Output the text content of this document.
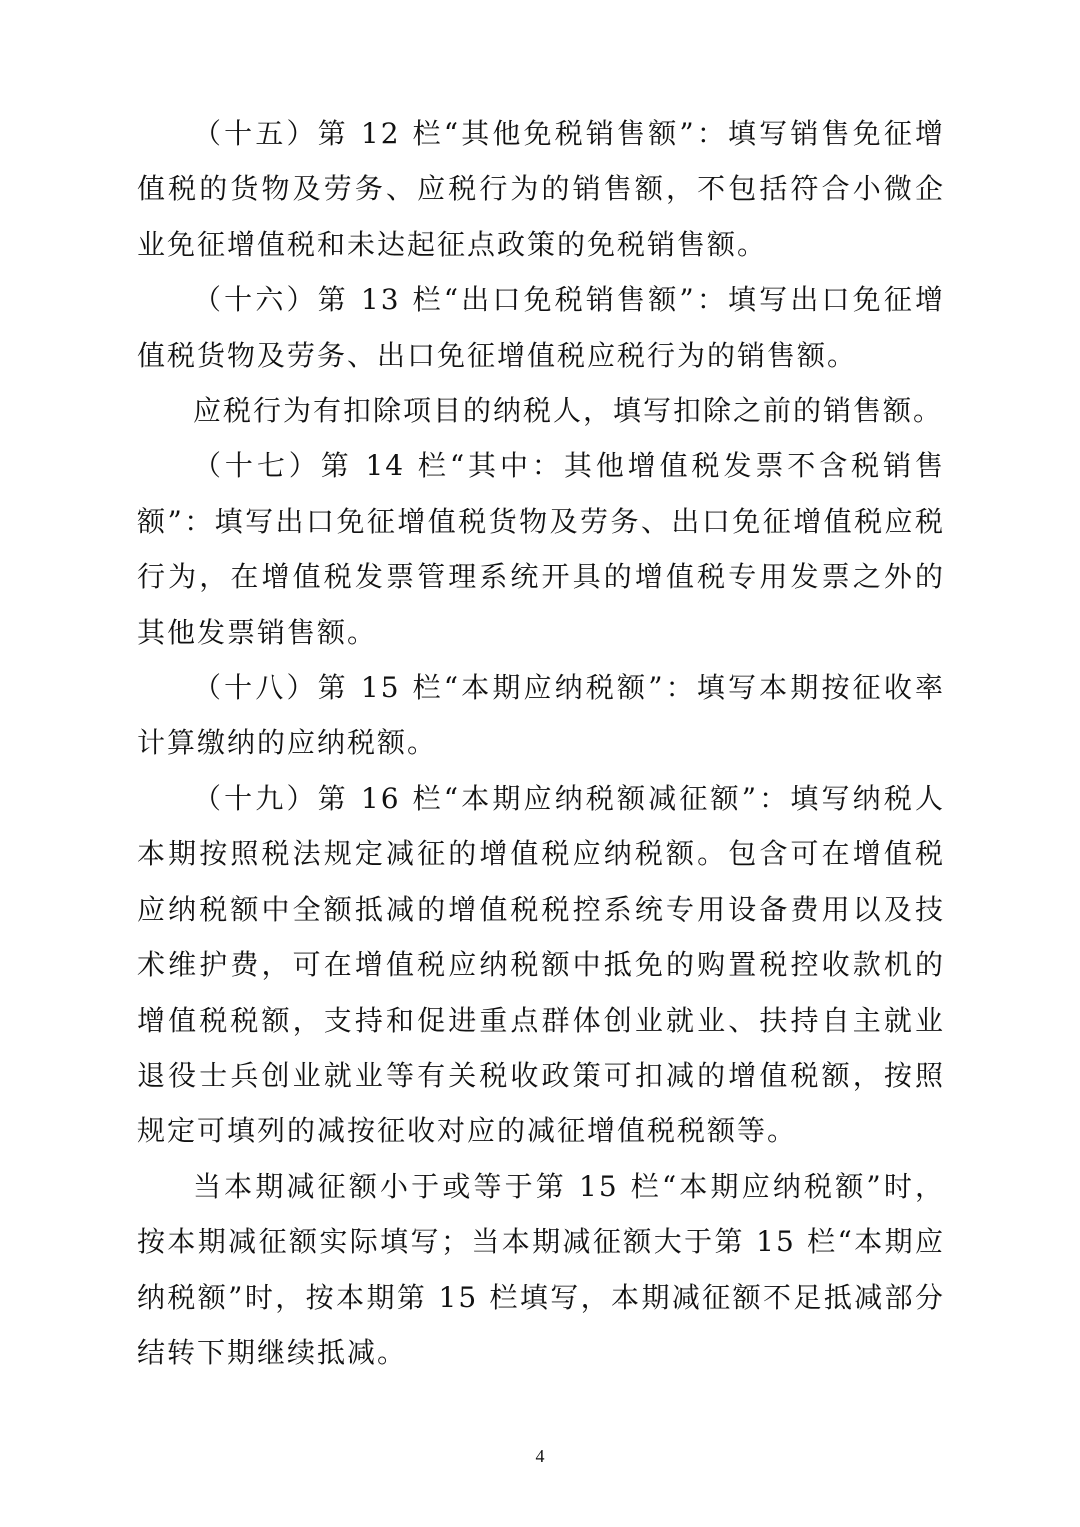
（十五）第 12 栏“其他免税销售额”：填写销售免征增值税的货物及劳务、应税行为的销售额，不包括符合小微企业免征增值税和未达起征点政策的免税销售额。

（十六）第 13 栏“出口免税销售额”：填写出口免征增值税货物及劳务、出口免征增值税应税行为的销售额。

应税行为有扣除项目的纳税人，填写扣除之前的销售额。

（十七）第 14 栏“其中：其他增值税发票不含税销售额”：填写出口免征增值税货物及劳务、出口免征增值税应税行为，在增值税发票管理系统开具的增值税专用发票之外的其他发票销售额。

（十八）第 15 栏“本期应纳税额”：填写本期按征收率计算缴纳的应纳税额。

（十九）第 16 栏“本期应纳税额减征额”：填写纳税人本期按照税法规定减征的增值税应纳税额。包含可在增值税应纳税额中全额抵减的增值税税控系统专用设备费用以及技术维护费，可在增值税应纳税额中抵免的购置税控收款机的增值税税额，支持和促进重点群体创业就业、扶持自主就业退役士兵创业就业等有关税收政策可扣减的增值税额，按照规定可填列的减按征收对应的减征增值税税额等。

当本期减征额小于或等于第 15 栏“本期应纳税额”时，按本期减征额实际填写；当本期减征额大于第 15 栏“本期应纳税额”时，按本期第 15 栏填写，本期减征额不足抵减部分结转下期继续抵减。

4
